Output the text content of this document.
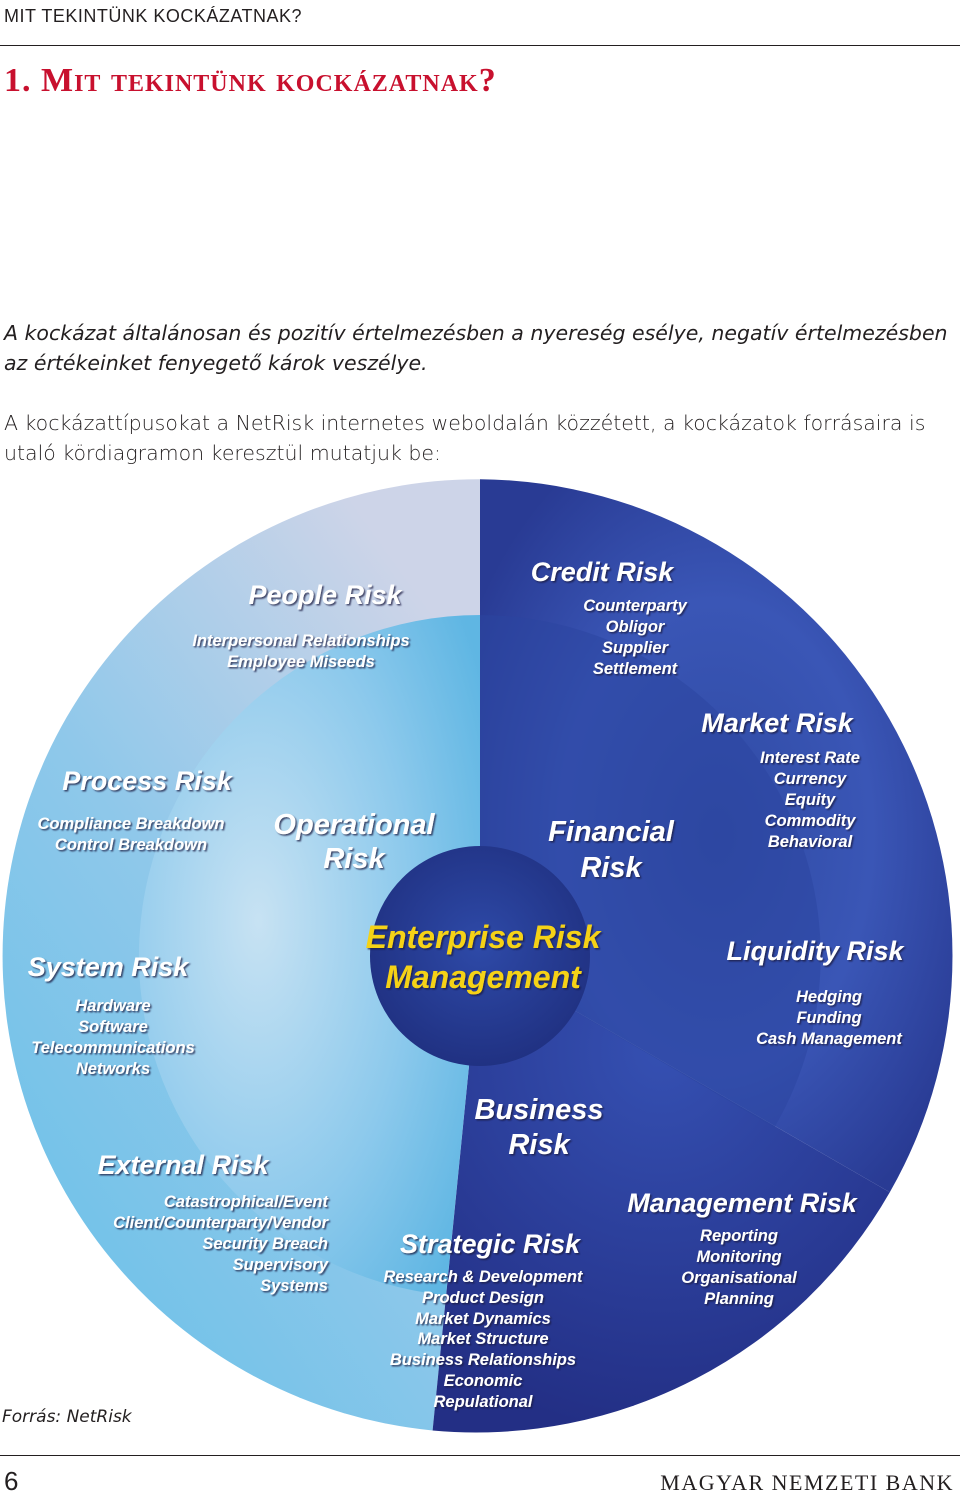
MIT TEKINTÜNK KOCKÁZATNAK?
1. Mit tekintünk kockázatnak?
A kockázat általánosan és pozitív értelmezésben a nyereség esélye, negatív értelmezésben az értékeinket fenyegető károk veszélye.
A kockázattípusokat a NetRisk internetes weboldalán közzétett, a kockázatok forrásaira is utaló kördiagramon keresztül mutatjuk be:
Enterprise Risk
Management
Operational
Risk
Financial
Risk
Business
Risk
People Risk
Interpersonal Relationships
Employee Miseeds
Process Risk
Compliance Breakdown
Control Breakdown
System Risk
Hardware
Software
Telecommunications
Networks
External Risk
Catastrophical/Event
Client/Counterparty/Vendor
Security Breach
Supervisory
Systems
Credit Risk
Counterparty
Obligor
Supplier
Settlement
Market Risk
Interest Rate
Currency
Equity
Commodity
Behavioral
Liquidity Risk
Hedging
Funding
Cash Management
Management Risk
Reporting
Monitoring
Organisational
Planning
Strategic Risk
Research & Development
Product Design
Market Dynamics
Market Structure
Business Relationships
Economic
Repulational
Forrás: NetRisk
6	MAGYAR NEMZETI BANK
